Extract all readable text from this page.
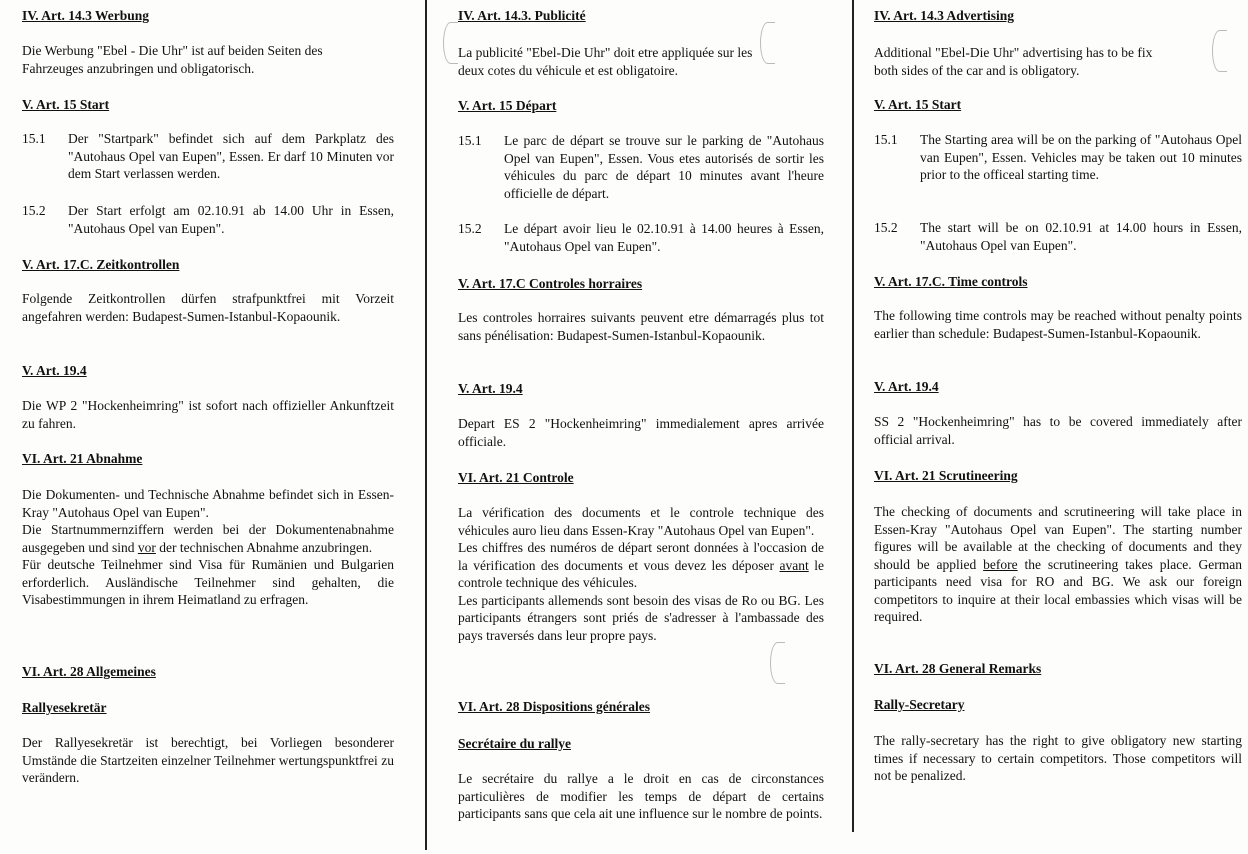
IV. Art. 14.3 Werbung
Die Werbung "Ebel - Die Uhr" ist auf beiden Seiten des
Fahrzeuges anzubringen und obligatorisch.
V. Art. 15 Start
15.1	Der "Startpark" befindet sich auf dem Parkplatz des "Autohaus Opel van Eupen", Essen. Er darf 10 Minuten vor dem Start verlassen werden.
15.2	Der Start erfolgt am 02.10.91 ab 14.00 Uhr in Essen, "Autohaus Opel van Eupen".
V. Art. 17.C. Zeitkontrollen
Folgende Zeitkontrollen dürfen strafpunktfrei mit Vorzeit angefahren werden: Budapest-Sumen-Istanbul-Kopaounik.
V. Art. 19.4
Die WP 2 "Hockenheimring" ist sofort nach offizieller Ankunftzeit zu fahren.
VI. Art. 21 Abnahme
Die Dokumenten- und Technische Abnahme befindet sich in Essen-Kray "Autohaus Opel van Eupen".
Die Startnummernziffern werden bei der Dokumentenabnahme ausgegeben und sind vor der technischen Abnahme anzubringen.
Für deutsche Teilnehmer sind Visa für Rumänien und Bulgarien erforderlich. Ausländische Teilnehmer sind gehalten, die Visabestimmungen in ihrem Heimatland zu erfragen.
VI. Art. 28 Allgemeines
Rallyesekretär
Der Rallyesekretär ist berechtigt, bei Vorliegen besonderer Umstände die Startzeiten einzelner Teilnehmer wertungspunktfrei zu verändern.
IV. Art. 14.3. Publicité
La publicité "Ebel-Die Uhr" doit etre appliquée sur les
deux cotes du véhicule et est obligatoire.
V. Art. 15 Départ
15.1	Le parc de départ se trouve sur le parking de "Autohaus Opel van Eupen", Essen. Vous etes autorisés de sortir les véhicules du parc de départ 10 minutes avant l'heure officielle de départ.
15.2	Le départ avoir lieu le 02.10.91 à 14.00 heures à Essen, "Autohaus Opel van Eupen".
V. Art. 17.C Controles horraires
Les controles horraires suivants peuvent etre démarragés plus tot sans pénélisation: Budapest-Sumen-Istanbul-Kopaounik.
V. Art. 19.4
Depart ES 2 "Hockenheimring" immedialement apres arrivée officiale.
VI. Art. 21 Controle
La vérification des documents et le controle technique des véhicules auro lieu dans Essen-Kray "Autohaus Opel van Eupen".
Les chiffres des numéros de départ seront données à l'occasion de la vérification des documents et vous devez les déposer avant le controle technique des véhicules.
Les participants allemends sont besoin des visas de Ro ou BG. Les participants étrangers sont priés de s'adresser à l'ambassade des pays traversés dans leur propre pays.
VI. Art. 28 Dispositions générales
Secrétaire du rallye
Le secrétaire du rallye a le droit en cas de circonstances particulières de modifier les temps de départ de certains participants sans que cela ait une influence sur le nombre de points.
IV. Art. 14.3 Advertising
Additional "Ebel-Die Uhr" advertising has to be fix
both sides of the car and is obligatory.
V. Art. 15 Start
15.1	The Starting area will be on the parking of "Autohaus Opel van Eupen", Essen. Vehicles may be taken out 10 minutes prior to the officeal starting time.
15.2	The start will be on 02.10.91 at 14.00 hours in Essen, "Autohaus Opel van Eupen".
V. Art. 17.C. Time controls
The following time controls may be reached without penalty points earlier than schedule: Budapest-Sumen-Istanbul-Kopaounik.
V. Art. 19.4
SS 2 "Hockenheimring" has to be covered immediately after official arrival.
VI. Art. 21 Scrutineering
The checking of documents and scrutineering will take place in Essen-Kray "Autohaus Opel van Eupen". The starting number figures will be available at the checking of documents and they should be applied before the scrutineering takes place. German participants need visa for RO and BG. We ask our foreign competitors to inquire at their local embassies which visas will be required.
VI. Art. 28 General Remarks
Rally-Secretary
The rally-secretary has the right to give obligatory new starting times if necessary to certain competitors. Those competitors will not be penalized.
